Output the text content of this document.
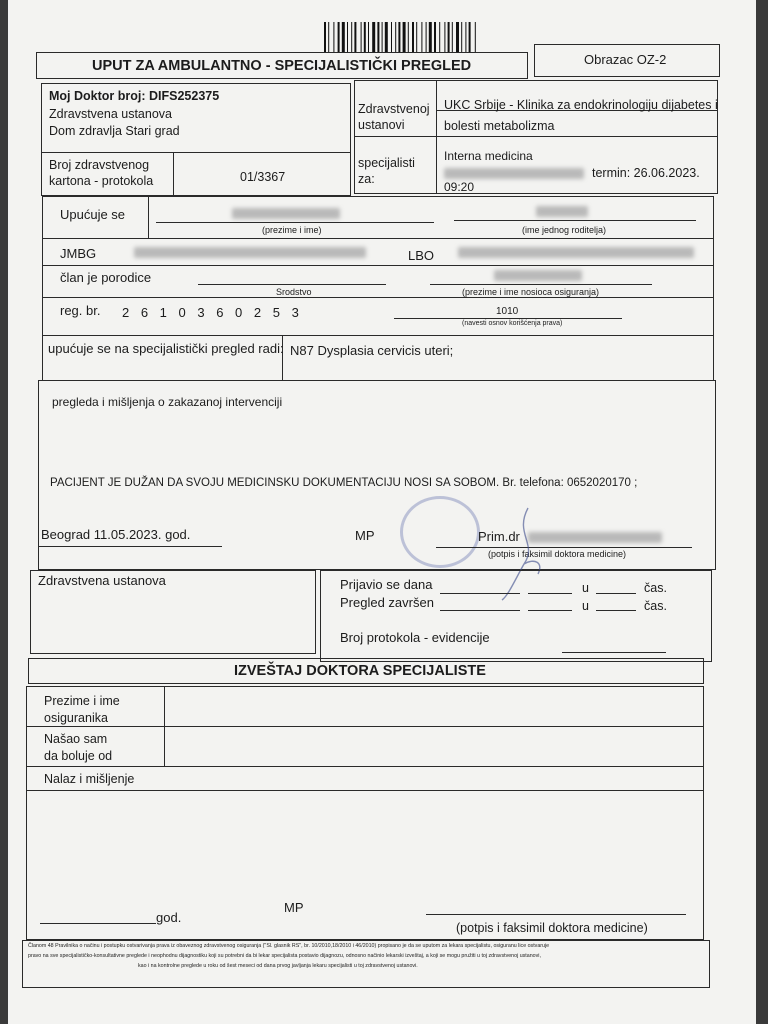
UPUT ZA AMBULANTNO - SPECIJALISTIČKI PREGLED	Obrazac OZ-2
Moj Doktor broj: DIFS252375
Zdravstvena ustanova
Dom zdravlja Stari grad
Broj zdravstvenog
kartona - protokola	01/3367
Zdravstvenoj
ustanovi
UKC Srbije - Klinika za endokrinologiju dijabetes i
bolesti metabolizma
specijalisti
za:
Interna medicina
termin: 26.06.2023.
09:20
Upućuje se
(prezime i ime)	(ime jednog roditelja)
JMBG	LBO
član je porodice
Srodstvo	(prezime i ime nosioca osiguranja)
reg. br. 2 6 1 0 3 6 0 2 5 3	1010
(navesti osnov korišćenja prava)
upućuje se na specijalistički pregled radi: N87 Dysplasia cervicis uteri;
pregleda i mišljenja o zakazanoj intervenciji
PACIJENT JE DUŽAN DA SVOJU MEDICINSKU DOKUMENTACIJU NOSI SA SOBOM. Br. telefona: 0652020170 ;
Beograd 11.05.2023. god.	MP	Prim.dr
(potpis i faksimil doktora medicine)
Zdravstvena ustanova	Prijavio se dana	u	čas.
Pregled završen	u	čas.
Broj protokola - evidencije
IZVEŠTAJ DOKTORA SPECIJALISTE
Prezime i ime
osiguranika
Našao sam
da boluje od
Nalaz i mišljenje
god.
MP
(potpis i faksimil doktora medicine)
Članom 48 Pravilnika o načinu i postupku ostvarivanja prava iz obaveznog zdravstvenog osiguranja ("Sl. glasnik RS", br. 10/2010,18/2010 i 46/2010) propisano je da se uputom za lekara specijalistu, osiguranu lice ostvaruje
pravo na sve specijalističko-konsultativne preglede i neophodnu dijagnostiku koji su potrebni da bi lekar specijalista postavio dijagnozu, odnosno načinio lekarski izveštaj, a koji se mogu pružiti u toj zdravstvenoj ustanovi,
kao i na kontrolne preglede u roku od šest meseci od dana prvog javljanja lekaru specijalisti u toj zdravstvenoj ustanovi.
